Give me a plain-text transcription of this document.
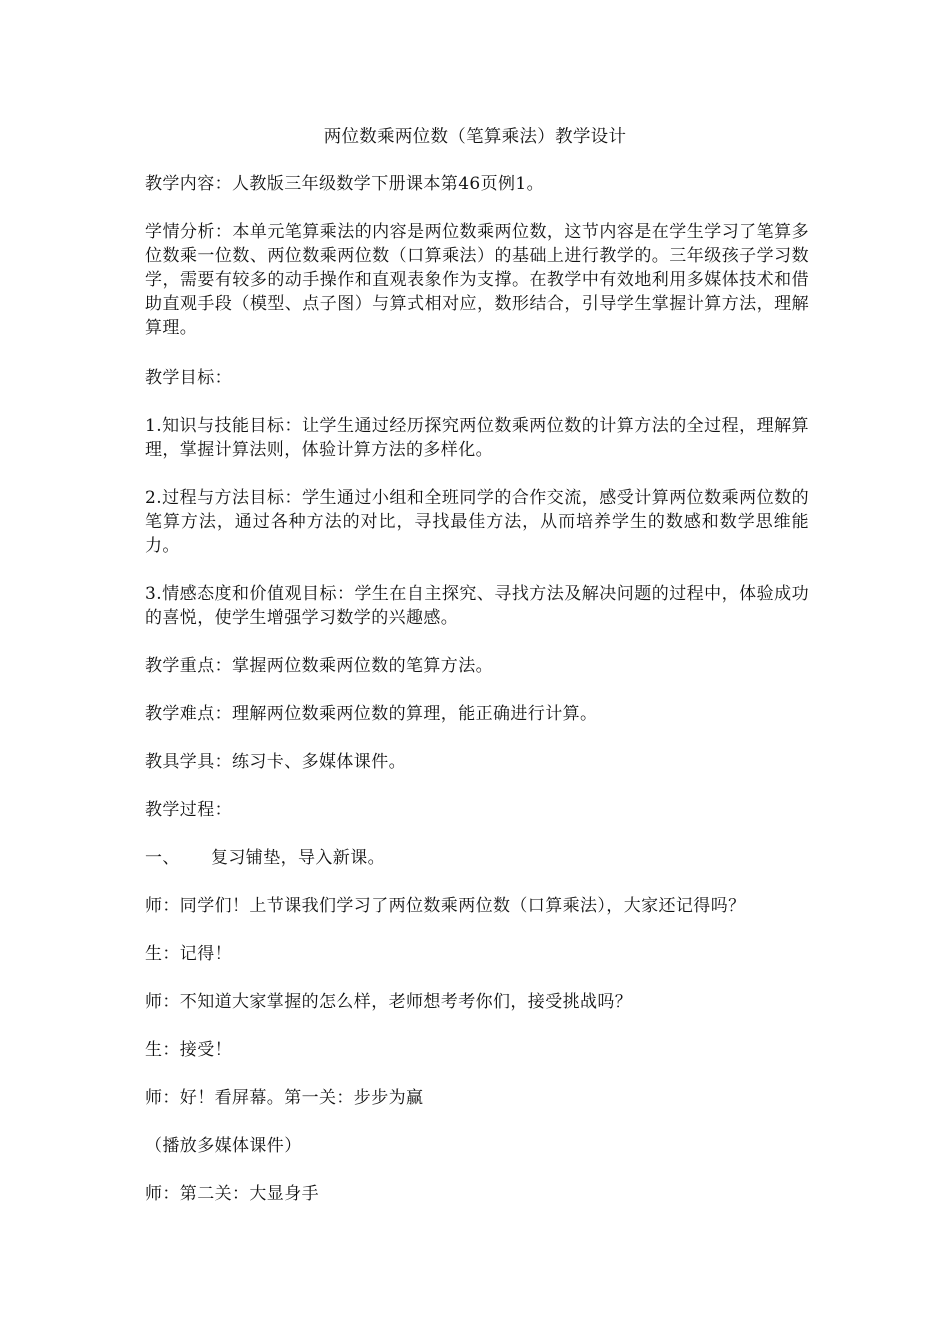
两位数乘两位数（笔算乘法）教学设计
教学内容：人教版三年级数学下册课本第46页例1。
学情分析：本单元笔算乘法的内容是两位数乘两位数，这节内容是在学生学习了笔算多位数乘一位数、两位数乘两位数（口算乘法）的基础上进行教学的。三年级孩子学习数学，需要有较多的动手操作和直观表象作为支撑。在教学中有效地利用多媒体技术和借助直观手段（模型、点子图）与算式相对应，数形结合，引导学生掌握计算方法，理解算理。
教学目标：
1.知识与技能目标：让学生通过经历探究两位数乘两位数的计算方法的全过程，理解算理，掌握计算法则，体验计算方法的多样化。
2.过程与方法目标：学生通过小组和全班同学的合作交流，感受计算两位数乘两位数的笔算方法，通过各种方法的对比，寻找最佳方法，从而培养学生的数感和数学思维能力。
3.情感态度和价值观目标：学生在自主探究、寻找方法及解决问题的过程中，体验成功的喜悦，使学生增强学习数学的兴趣感。
教学重点：掌握两位数乘两位数的笔算方法。
教学难点：理解两位数乘两位数的算理，能正确进行计算。
教具学具：练习卡、多媒体课件。
教学过程：
一、 复习铺垫，导入新课。
师：同学们！上节课我们学习了两位数乘两位数（口算乘法），大家还记得吗？
生：记得！
师：不知道大家掌握的怎么样，老师想考考你们，接受挑战吗？
生：接受！
师：好！看屏幕。第一关：步步为赢
（播放多媒体课件）
师：第二关：大显身手
